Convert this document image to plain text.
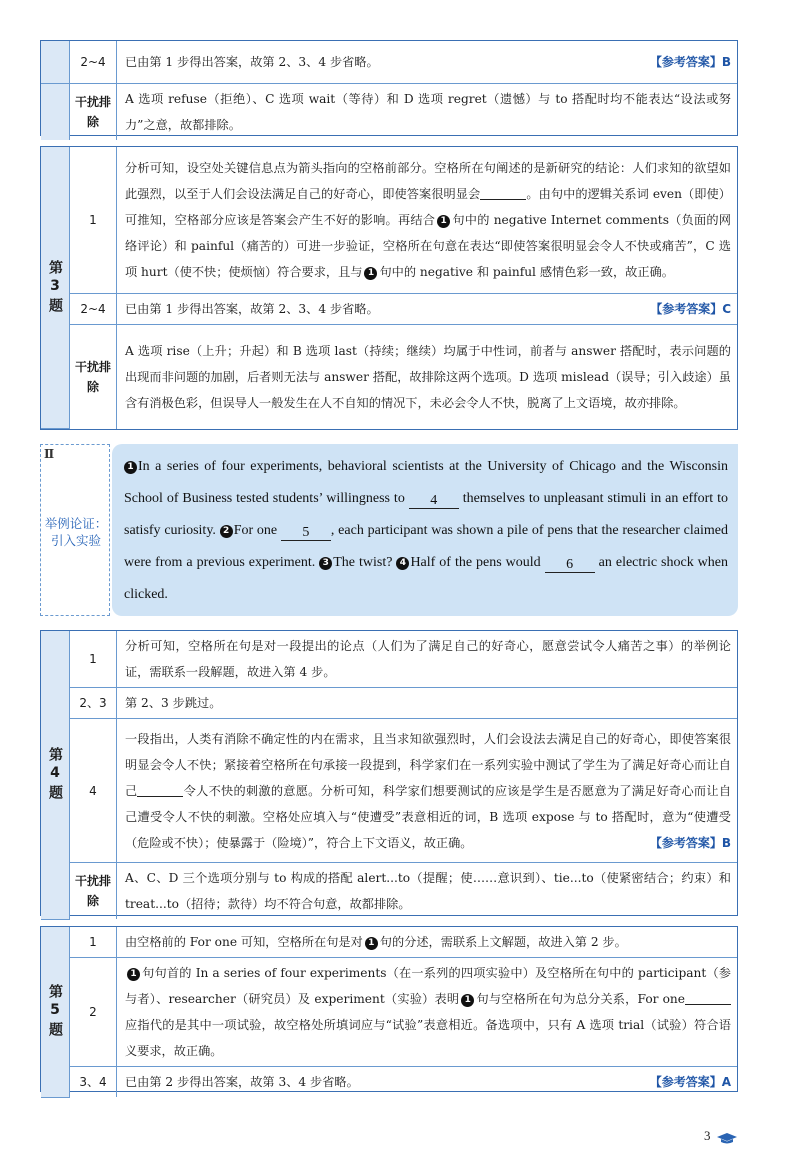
	2~4	已由第 1 步得出答案，故第 2、3、4 步省略。 【参考答案】B

	干扰排除	A 选项 refuse（拒绝）、C 选项 wait（等待）和 D 选项 regret（遗憾）与 to 搭配时均不能表达“设法或努力”之意，故都排除。
第3题	1	分析可知，设空处关键信息点为箭头指向的空格前部分。空格所在句阐述的是新研究的结论：人们求知的欲望如此强烈，以至于人们会设法满足自己的好奇心，即使答案很明显会 。由句中的逻辑关系词 even（即使）可推知，空格部分应该是答案会产生不好的影响。再结合 1 句中的 negative Internet comments（负面的网络评论）和 painful（痛苦的）可进一步验证，空格所在句意在表达“即使答案很明显会令人不快或痛苦”，C 选项 hurt（使不快；使烦恼）符合要求，且与 1 句中的 negative 和 painful 感情色彩一致，故正确。
	2~4	已由第 1 步得出答案，故第 2、3、4 步省略。 【参考答案】C

	干扰排除	A 选项 rise（上升；升起）和 B 选项 last（持续；继续）均属于中性词，前者与 answer 搭配时，表示问题的出现而非问题的加剧，后者则无法与 answer 搭配，故排除这两个选项。D 选项 mislead（误导；引入歧途）虽含有消极色彩，但误导人一般发生在人不自知的情况下，未必会令人不快，脱离了上文语境，故亦排除。
Ⅱ
举例论证：
引入实验
1 In a series of four experiments, behavioral scientists at the University of Chicago and the Wisconsin School of Business tested students’ willingness to 4 themselves to unpleasant stimuli in an effort to satisfy curiosity. 2 For one 5 , each participant was shown a pile of pens that the researcher claimed were from a previous experiment. 3 The twist? 4 Half of the pens would 6 an electric shock when clicked.
第4题	1	分析可知，空格所在句是对一段提出的论点（人们为了满足自己的好奇心，愿意尝试令人痛苦之事）的举例论证，需联系一段解题，故进入第 4 步。
	2、3	第 2、3 步跳过。
	4	一段指出，人类有消除不确定性的内在需求，且当求知欲强烈时，人们会设法去满足自己的好奇心，即使答案很明显会令人不快；紧接着空格所在句承接一段提到，科学家们在一系列实验中测试了学生为了满足好奇心而让自己 令人不快的刺激的意愿。分析可知，科学家们想要测试的应该是学生是否愿意为了满足好奇心而让自己遭受令人不快的刺激。空格处应填入与“使遭受”表意相近的词，B 选项 expose 与 to 搭配时，意为“使遭受（危险或不快）；使暴露于（险境）”，符合上下文语义，故正确。 【参考答案】B

	干扰排除	A、C、D 三个选项分别与 to 构成的搭配 alert...to（提醒；使……意识到）、tie...to（使紧密结合；约束）和 treat...to（招待；款待）均不符合句意，故都排除。
第5题	1	由空格前的 For one 可知，空格所在句是对 1 句的分述，需联系上文解题，故进入第 2 步。
	2	1 句句首的 In a series of four experiments（在一系列的四项实验中）及空格所在句中的 participant（参与者）、researcher（研究员）及 experiment（实验）表明 1 句与空格所在句为总分关系，For one应指代的是其中一项试验，故空格处所填词应与“试验”表意相近。备选项中，只有 A 选项 trial（试验）符合语义要求，故正确。
	3、4	已由第 2 步得出答案，故第 3、4 步省略。 【参考答案】A
3
